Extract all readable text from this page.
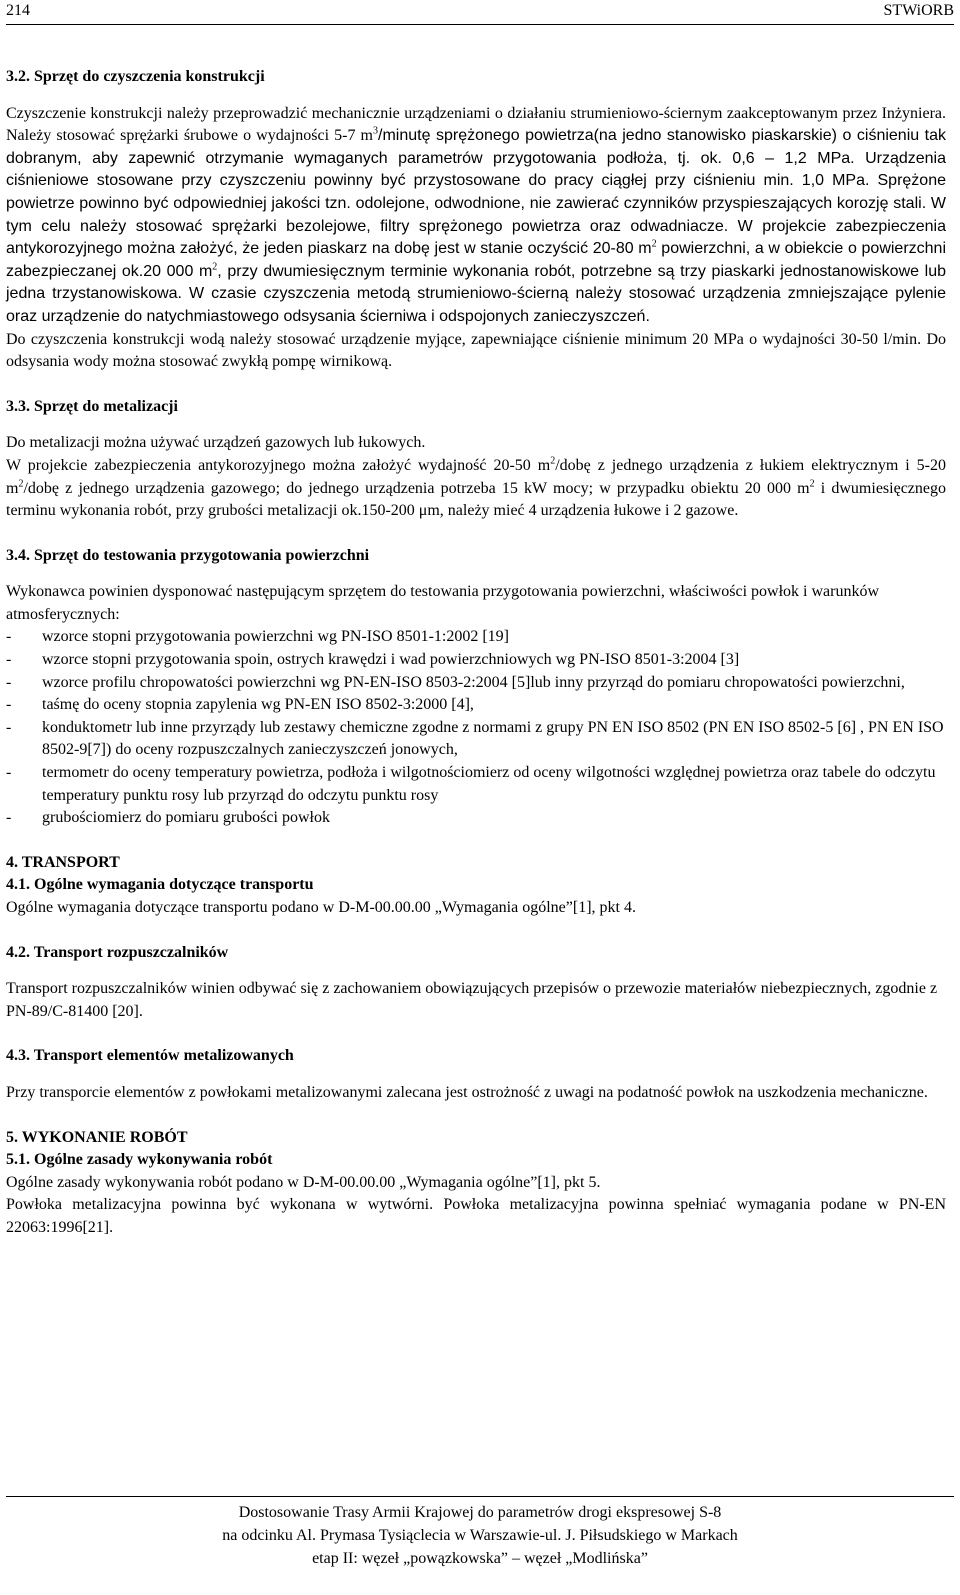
214	STWiORB
3.2. Sprzęt do czyszczenia konstrukcji

Czyszczenie konstrukcji należy przeprowadzić mechanicznie urządzeniami o działaniu strumieniowo-ściernym zaakceptowanym przez Inżyniera. Należy stosować sprężarki śrubowe o wydajności 5-7 $m^3$/minutę sprężonego powietrza(na jedno stanowisko piaskarskie) o ciśnieniu tak dobranym, aby zapewnić otrzymanie wymaganych parametrów przygotowania podłoża, tj. ok. 0,6 – 1,2 MPa. Urządzenia ciśnieniowe stosowane przy czyszczeniu powinny być przystosowane do pracy ciągłej przy ciśnieniu min. 1,0 MPa. Sprężone powietrze powinno być odpowiedniej jakości tzn. odolejone, odwodnione, nie zawierać czynników przyspieszających korozję stali. W tym celu należy stosować sprężarki bezolejowe, filtry sprężonego powietrza oraz odwadniacze. W projekcie zabezpieczenia antykorozyjnego można założyć, że jeden piaskarz na dobę jest w stanie oczyścić 20-80 $m^2$ powierzchni, a w obiekcie o powierzchni zabezpieczanej ok.20 000 $m^2$, przy dwumiesięcznym terminie wykonania robót, potrzebne są trzy piaskarki jednostanowiskowe lub jedna trzystanowiskowa. W czasie czyszczenia metodą strumieniowo-ścierną należy stosować urządzenia zmniejszające pylenie oraz urządzenie do natychmiastowego odsysania ścierniwa i odspojonych zanieczyszczeń.

Do czyszczenia konstrukcji wodą należy stosować urządzenie myjące, zapewniające ciśnienie minimum 20 MPa o wydajności 30-50 l/min. Do odsysania wody można stosować zwykłą pompę wirnikową.

3.3. Sprzęt do metalizacji

Do metalizacji można używać urządzeń gazowych lub łukowych.

W projekcie zabezpieczenia antykorozyjnego można założyć wydajność 20-50 $m^2$/dobę z jednego urządzenia z łukiem elektrycznym i 5-20 $m^2$/dobę z jednego urządzenia gazowego; do jednego urządzenia potrzeba 15 kW mocy; w przypadku obiektu 20 000 $m^2$ i dwumiesięcznego terminu wykonania robót, przy grubości metalizacji ok.150-200 μm, należy mieć 4 urządzenia łukowe i 2 gazowe.

3.4. Sprzęt do testowania przygotowania powierzchni

Wykonawca powinien dysponować następującym sprzętem do testowania przygotowania powierzchni, właściwości powłok i warunków atmosferycznych:

- wzorce stopni przygotowania powierzchni wg PN-ISO 8501-1:2002 [19]
- wzorce stopni przygotowania spoin, ostrych krawędzi i wad powierzchniowych wg PN-ISO 8501-3:2004 [3]
- wzorce profilu chropowatości powierzchni wg PN-EN-ISO 8503-2:2004 [5]lub inny przyrząd do pomiaru chropowatości powierzchni,
- taśmę do oceny stopnia zapylenia wg PN-EN ISO 8502-3:2000 [4],
- konduktometr lub inne przyrządy lub zestawy chemiczne zgodne z normami z grupy PN EN ISO 8502 (PN EN ISO 8502-5 [6] , PN EN ISO 8502-9[7]) do oceny rozpuszczalnych zanieczyszczeń jonowych,
- termometr do oceny temperatury powietrza, podłoża i wilgotnościomierz od oceny wilgotności względnej powietrza oraz tabele do odczytu temperatury punktu rosy lub przyrząd do odczytu punktu rosy
- grubościomierz do pomiaru grubości powłok
4. TRANSPORT
4.1. Ogólne wymagania dotyczące transportu

Ogólne wymagania dotyczące transportu podano w D-M-00.00.00 „Wymagania ogólne”[1], pkt 4.

4.2. Transport rozpuszczalników

Transport rozpuszczalników winien odbywać się z zachowaniem obowiązujących przepisów o przewozie materiałów niebezpiecznych, zgodnie z PN-89/C-81400 [20].

4.3. Transport elementów metalizowanych

Przy transporcie elementów z powłokami metalizowanymi zalecana jest ostrożność z uwagi na podatność powłok na uszkodzenia mechaniczne.

5. WYKONANIE ROBÓT
5.1. Ogólne zasady wykonywania robót

Ogólne zasady wykonywania robót podano w D-M-00.00.00 „Wymagania ogólne”[1], pkt 5.

Powłoka metalizacyjna powinna być wykonana w wytwórni. Powłoka metalizacyjna powinna spełniać wymagania podane w PN-EN 22063:1996[21].

Dostosowanie Trasy Armii Krajowej do parametrów drogi ekspresowej S-8

na odcinku Al. Prymasa Tysiąclecia w Warszawie-ul. J. Piłsudskiego w Markach

etap II: węzeł „powązkowska” – węzeł „Modlińska”
